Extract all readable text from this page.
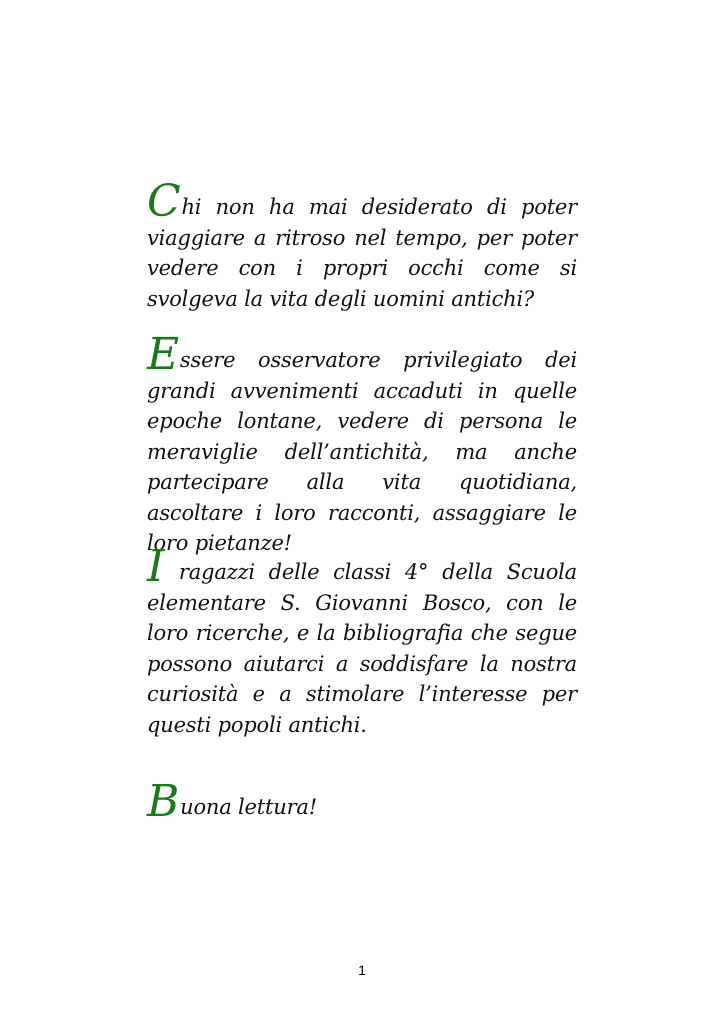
Chi non ha mai desiderato di poter viaggiare a ritroso nel tempo, per poter vedere con i propri occhi come si svolgeva la vita degli uomini antichi?

Essere osservatore privilegiato dei grandi avvenimenti accaduti in quelle epoche lontane, vedere di persona le meraviglie dell’antichità, ma anche partecipare alla vita quotidiana, ascoltare i loro racconti, assaggiare le loro pietanze!

I ragazzi delle classi 4° della Scuola elementare S. Giovanni Bosco, con le loro ricerche, e la bibliografia che segue possono aiutarci a soddisfare la nostra curiosità e a stimolare l’interesse per questi popoli antichi.

Buona lettura!

1
